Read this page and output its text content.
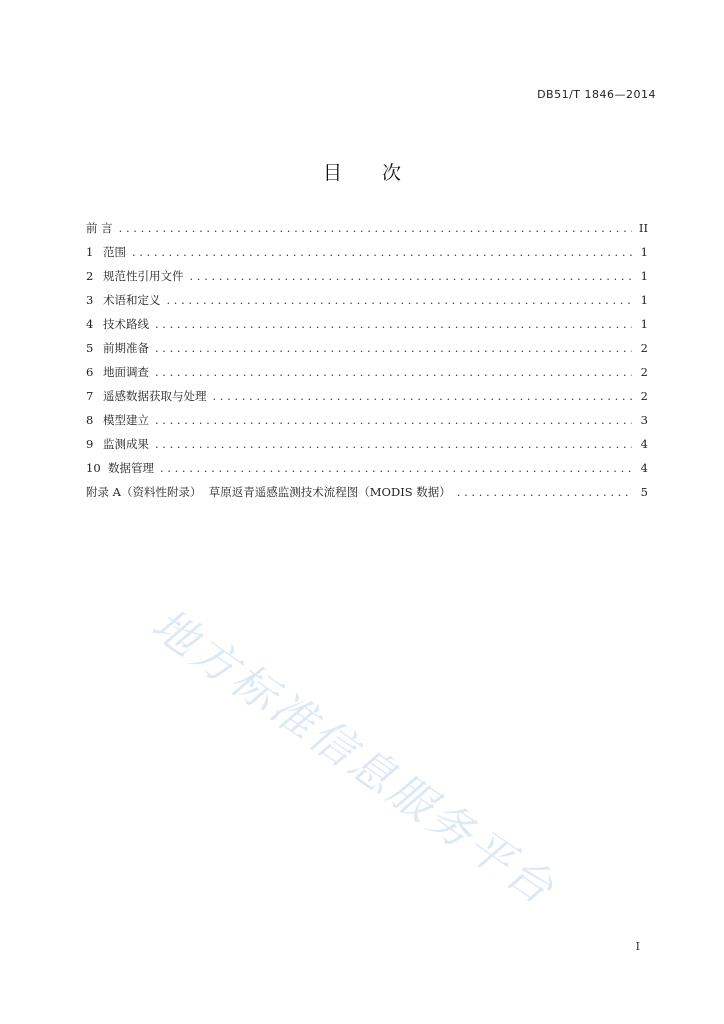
DB51/T 1846—2014
目 次
前 言 . . .	II
1 范围 . . .	1
2 规范性引用文件 . . .	1
3 术语和定义 . . .	1
4 技术路线 . . .	1
5 前期准备 . . .	2
6 地面调查 . . .	2
7 遥感数据获取与处理 . . .	2
8 模型建立 . . .	3
9 监测成果 . . .	4
10 数据管理 . . .	4
附录 A（资料性附录）  草原返青遥感监测技术流程图（MODIS 数据） . . .	5
地方标准信息服务平台
I
